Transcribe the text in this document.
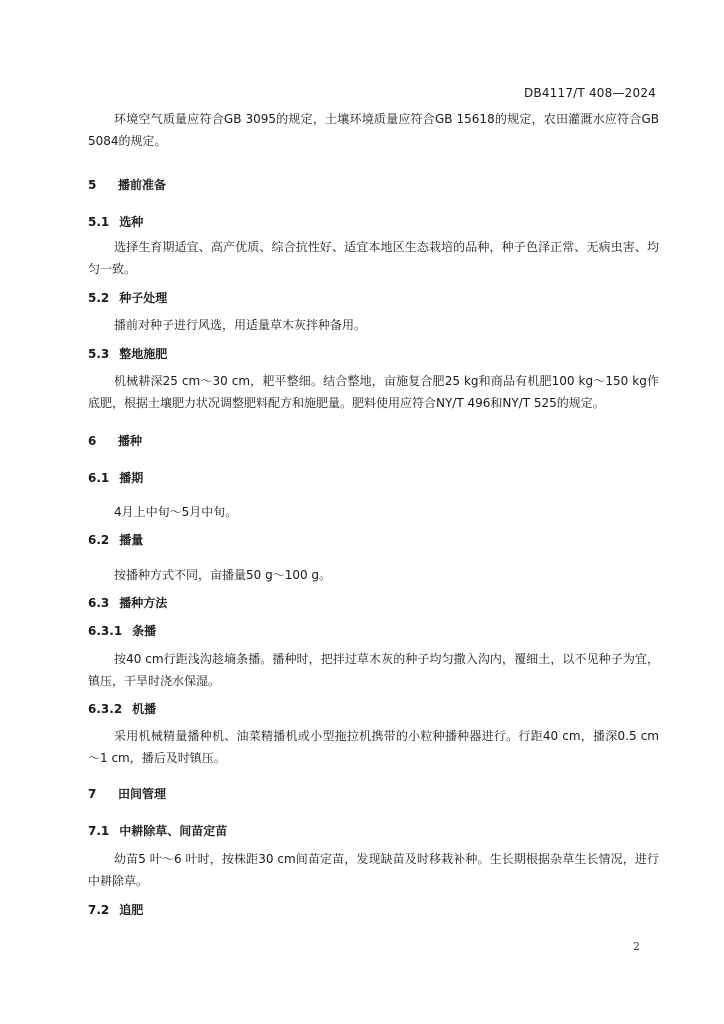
DB4117/T 408—2024

环境空气质量应符合GB 3095的规定，土壤环境质量应符合GB 15618的规定，农田灌溉水应符合GB 5084的规定。

5 播前准备
5.1 选种

选择生育期适宜、高产优质、综合抗性好、适宜本地区生态栽培的品种，种子色泽正常、无病虫害、均匀一致。

5.2 种子处理

播前对种子进行风选，用适量草木灰拌种备用。

5.3 整地施肥

机械耕深25 cm～30 cm，耙平整细。结合整地，亩施复合肥25 kg和商品有机肥100 kg～150 kg作底肥，根据土壤肥力状况调整肥料配方和施肥量。肥料使用应符合NY/T 496和NY/T 525的规定。

6 播种
6.1 播期

4月上中旬～5月中旬。

6.2 播量

按播种方式不同，亩播量50 g～100 g。

6.3 播种方法
6.3.1 条播

按40 cm行距浅沟趁墒条播。播种时，把拌过草木灰的种子均匀撒入沟内，覆细土，以不见种子为宜，镇压，干旱时浇水保湿。

6.3.2 机播

采用机械精量播种机、油菜精播机或小型拖拉机携带的小粒种播种器进行。行距40 cm，播深0.5 cm～1 cm，播后及时镇压。

7 田间管理
7.1 中耕除草、间苗定苗

幼苗5 叶～6 叶时，按株距30 cm间苗定苗，发现缺苗及时移栽补种。生长期根据杂草生长情况，进行中耕除草。

7.2 追肥
2
